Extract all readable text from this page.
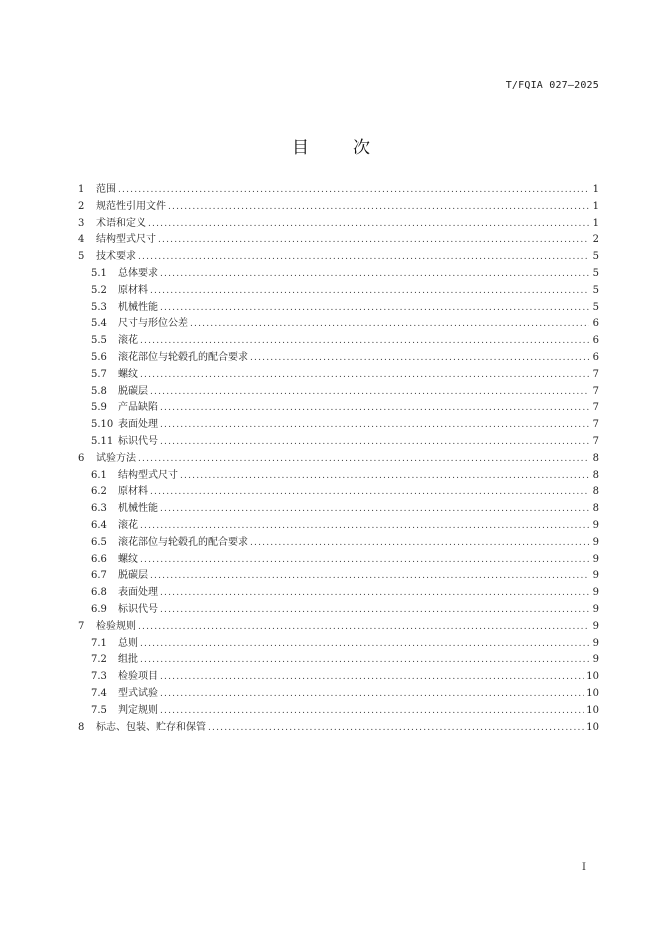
T/FQIA 027—2025
目	次
1	范围 .....	1
2	规范性引用文件 .....	1
3	术语和定义 .....	1
4	结构型式尺寸 .....	2
5	技术要求 .....	5
5.1	总体要求 .....	5
5.2	原材料 .....	5
5.3	机械性能 .....	5
5.4	尺寸与形位公差 .....	6
5.5	滚花 .....	6
5.6	滚花部位与轮毂孔的配合要求 .....	6
5.7	螺纹 .....	7
5.8	脱碳层 .....	7
5.9	产品缺陷 .....	7
5.10 表面处理 .....	7
5.11 标识代号 .....	7
6	试验方法 .....	8
6.1	结构型式尺寸 .....	8
6.2	原材料 .....	8
6.3	机械性能 .....	8
6.4	滚花 .....	9
6.5	滚花部位与轮毂孔的配合要求 .....	9
6.6	螺纹 .....	9
6.7	脱碳层 .....	9
6.8	表面处理 .....	9
6.9	标识代号 .....	9
7	检验规则 .....	9
7.1	总则 .....	9
7.2	组批 .....	9
7.3	检验项目 .....	10
7.4	型式试验 .....	10
7.5	判定规则 .....	10
8	标志、包装、贮存和保管 .....	10
I
